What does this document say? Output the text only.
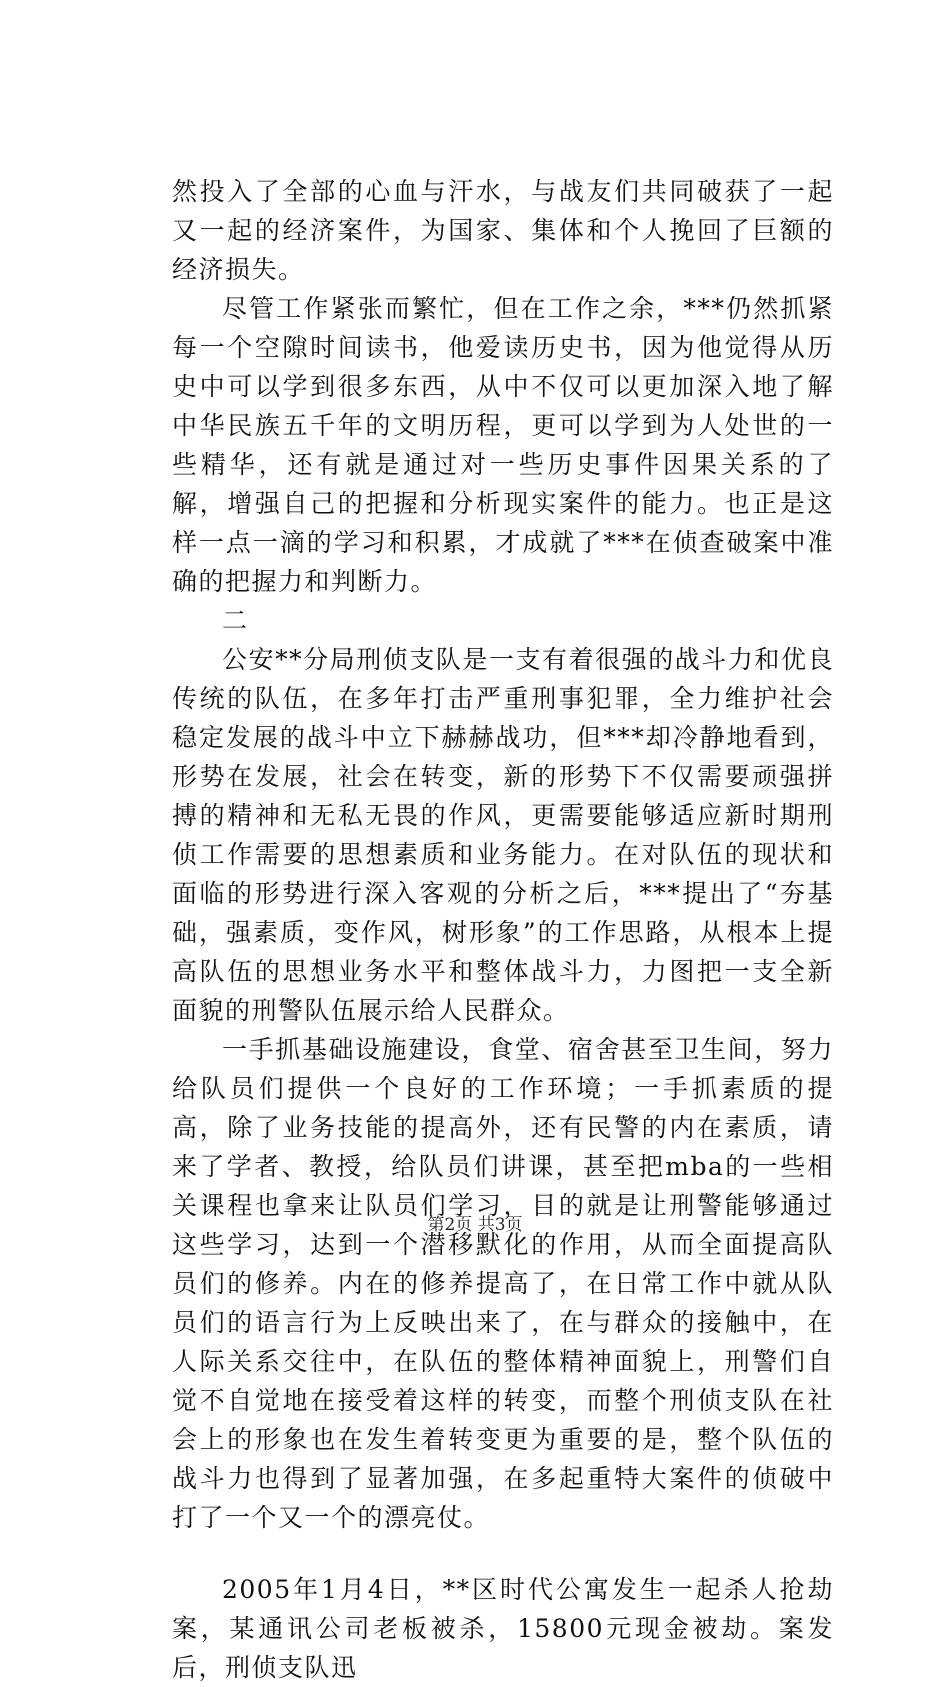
然投入了全部的心血与汗水，与战友们共同破获了一起又一起的经济案件，为国家、集体和个人挽回了巨额的经济损失。

尽管工作紧张而繁忙，但在工作之余，***仍然抓紧每一个空隙时间读书，他爱读历史书，因为他觉得从历史中可以学到很多东西，从中不仅可以更加深入地了解中华民族五千年的文明历程，更可以学到为人处世的一些精华，还有就是通过对一些历史事件因果关系的了解，增强自己的把握和分析现实案件的能力。也正是这样一点一滴的学习和积累，才成就了***在侦查破案中准确的把握力和判断力。

二

公安**分局刑侦支队是一支有着很强的战斗力和优良传统的队伍，在多年打击严重刑事犯罪，全力维护社会稳定发展的战斗中立下赫赫战功，但***却冷静地看到，形势在发展，社会在转变，新的形势下不仅需要顽强拼搏的精神和无私无畏的作风，更需要能够适应新时期刑侦工作需要的思想素质和业务能力。在对队伍的现状和面临的形势进行深入客观的分析之后，***提出了“夯基础，强素质，变作风，树形象”的工作思路，从根本上提高队伍的思想业务水平和整体战斗力，力图把一支全新面貌的刑警队伍展示给人民群众。

一手抓基础设施建设，食堂、宿舍甚至卫生间，努力给队员们提供一个良好的工作环境；一手抓素质的提高，除了业务技能的提高外，还有民警的内在素质，请来了学者、教授，给队员们讲课，甚至把mba的一些相关课程也拿来让队员们学习，目的就是让刑警能够通过这些学习，达到一个潜移默化的作用，从而全面提高队员们的修养。内在的修养提高了，在日常工作中就从队员们的语言行为上反映出来了，在与群众的接触中，在人际关系交往中，在队伍的整体精神面貌上，刑警们自觉不自觉地在接受着这样的转变，而整个刑侦支队在社会上的形象也在发生着转变更为重要的是，整个队伍的战斗力也得到了显著加强，在多起重特大案件的侦破中打了一个又一个的漂亮仗。

2005年1月4日，**区时代公寓发生一起杀人抢劫案，某通讯公司老板被杀，15800元现金被劫。案发后，刑侦支队迅

第2页 共3页
